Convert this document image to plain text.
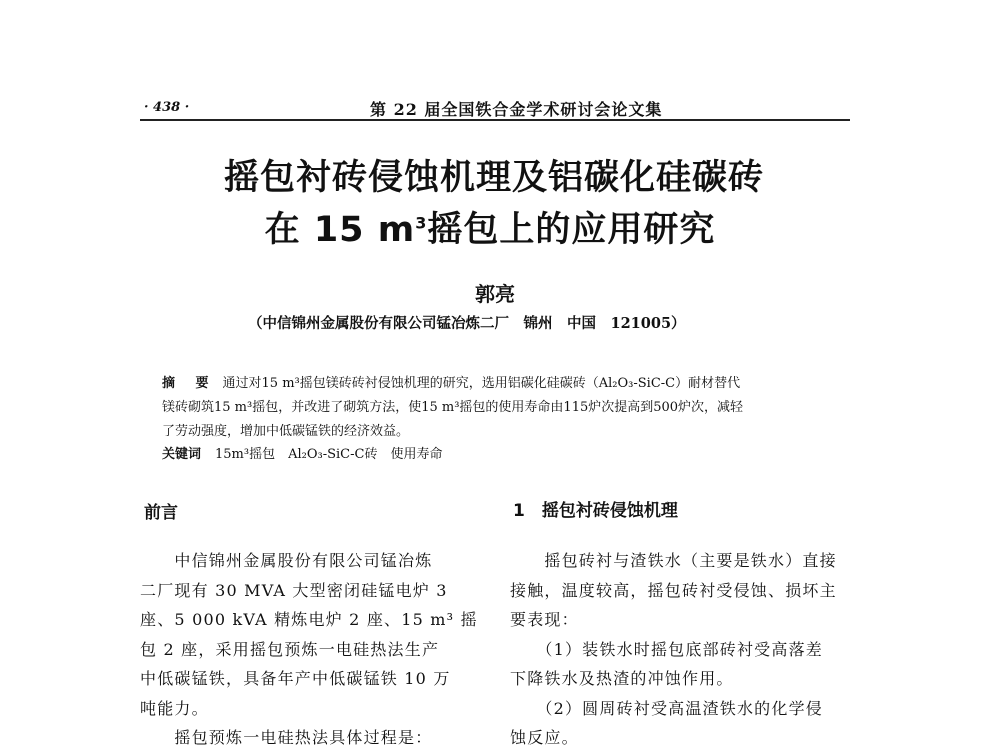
· 438 ·	第 22 届全国铁合金学术研讨会论文集
摇包衬砖侵蚀机理及铝碳化硅碳砖
在 15 $m^3$摇包上的应用研究
郭亮
（中信锦州金属股份有限公司锰冶炼二厂　锦州　中国　121005）
摘 要 通过对15 m³摇包镁砖砖衬侵蚀机理的研究，选用铝碳化硅碳砖（Al₂O₃-SiC-C）耐材替代
镁砖砌筑15 m³摇包，并改进了砌筑方法，使15 m³摇包的使用寿命由115炉次提高到500炉次，减轻
了劳动强度，增加中低碳锰铁的经济效益。
关键词 15m³摇包　Al₂O₃-SiC-C砖　使用寿命
前言	1　摇包衬砖侵蚀机理
　　中信锦州金属股份有限公司锰冶炼
二厂现有 30 MVA 大型密闭硅锰电炉 3
座、5 000 kVA 精炼电炉 2 座、15 m³ 摇
包 2 座，采用摇包预炼一电硅热法生产
中低碳锰铁，具备年产中低碳锰铁 10 万
吨能力。
　　摇包预炼一电硅热法具体过程是：
　　摇包砖衬与渣铁水（主要是铁水）直接
接触，温度较高，摇包砖衬受侵蚀、损坏主
要表现：
　　（1）装铁水时摇包底部砖衬受高落差
下降铁水及热渣的冲蚀作用。
　　（2）圆周砖衬受高温渣铁水的化学侵
蚀反应。
